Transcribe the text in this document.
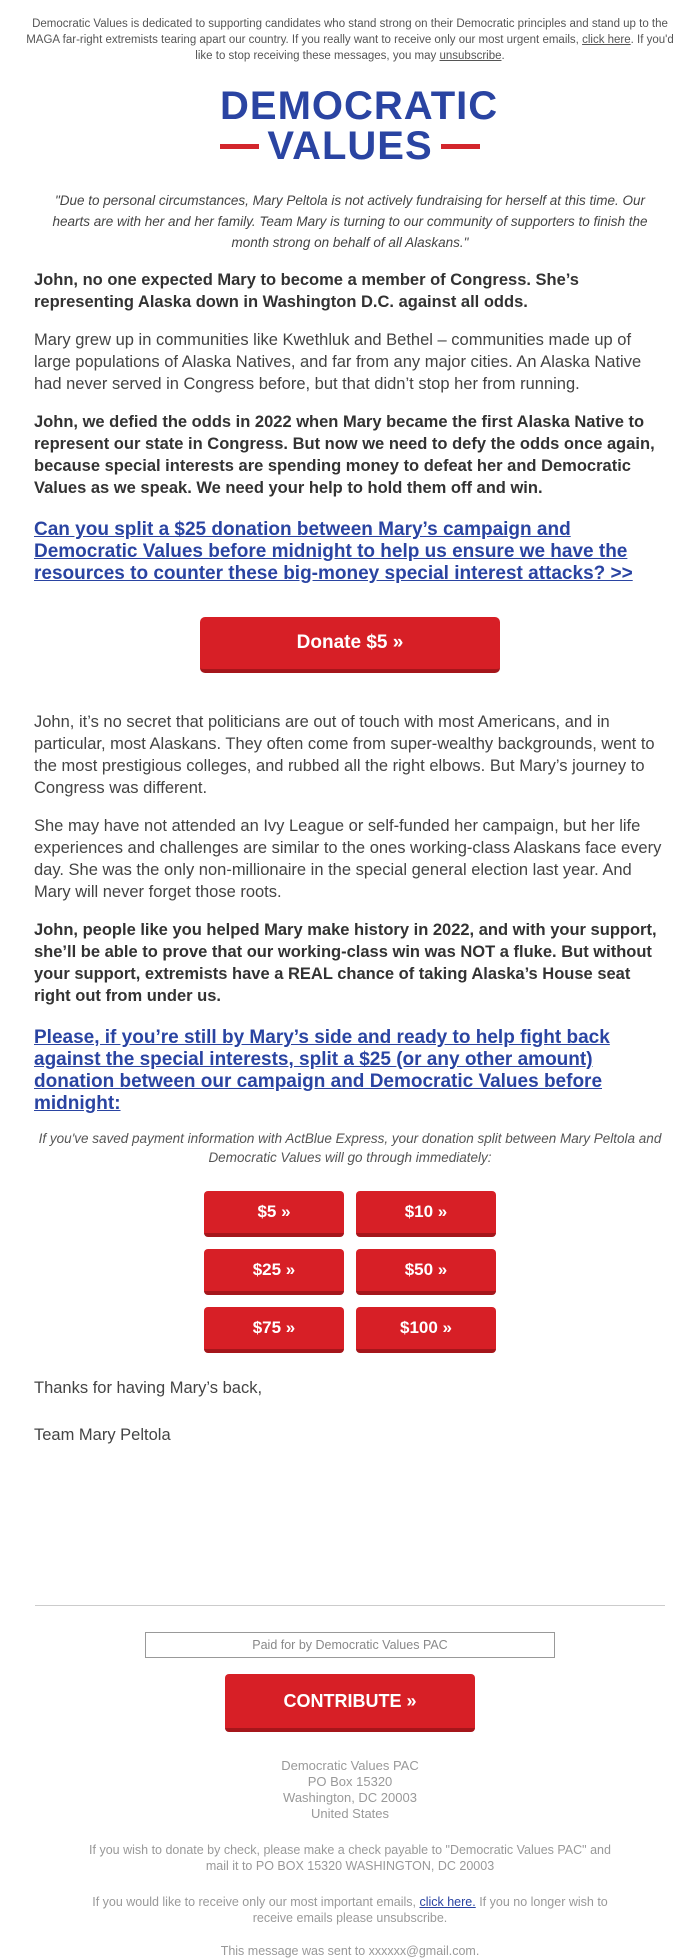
Democratic Values is dedicated to supporting candidates who stand strong on their Democratic principles and stand up to the MAGA far-right extremists tearing apart our country. If you really want to receive only our most urgent emails, click here. If you'd like to stop receiving these messages, you may unsubscribe.
DEMOCRATIC
VALUES
"Due to personal circumstances, Mary Peltola is not actively fundraising for herself at this time. Our hearts are with her and her family. Team Mary is turning to our community of supporters to finish the month strong on behalf of all Alaskans."

John, no one expected Mary to become a member of Congress. She’s representing Alaska down in Washington D.C. against all odds.

Mary grew up in communities like Kwethluk and Bethel – communities made up of large populations of Alaska Natives, and far from any major cities. An Alaska Native had never served in Congress before, but that didn’t stop her from running.

John, we defied the odds in 2022 when Mary became the first Alaska Native to represent our state in Congress. But now we need to defy the odds once again, because special interests are spending money to defeat her and Democratic Values as we speak. We need your help to hold them off and win.

Can you split a $25 donation between Mary’s campaign and Democratic Values before midnight to help us ensure we have the resources to counter these big-money special interest attacks? >>
Donate $5 »

John, it’s no secret that politicians are out of touch with most Americans, and in particular, most Alaskans. They often come from super-wealthy backgrounds, went to the most prestigious colleges, and rubbed all the right elbows. But Mary’s journey to Congress was different.

She may have not attended an Ivy League or self-funded her campaign, but her life experiences and challenges are similar to the ones working-class Alaskans face every day. She was the only non-millionaire in the special general election last year. And Mary will never forget those roots.

John, people like you helped Mary make history in 2022, and with your support, she’ll be able to prove that our working-class win was NOT a fluke. But without your support, extremists have a REAL chance of taking Alaska’s House seat right out from under us.

Please, if you’re still by Mary’s side and ready to help fight back against the special interests, split a $25 (or any other amount) donation between our campaign and Democratic Values before midnight:
If you've saved payment information with ActBlue Express, your donation split between Mary Peltola and Democratic Values will go through immediately:
$5 »	$10 »
$25 »	$50 »
$75 »	$100 »

Thanks for having Mary’s back,

Team Mary Peltola

Paid for by Democratic Values PAC
CONTRIBUTE »
Democratic Values PAC
PO Box 15320
Washington, DC 20003
United States
If you wish to donate by check, please make a check payable to "Democratic Values PAC" and mail it to PO BOX 15320 WASHINGTON, DC 20003
If you would like to receive only our most important emails, click here. If you no longer wish to receive emails please unsubscribe.
This message was sent to xxxxxx@gmail.com.
